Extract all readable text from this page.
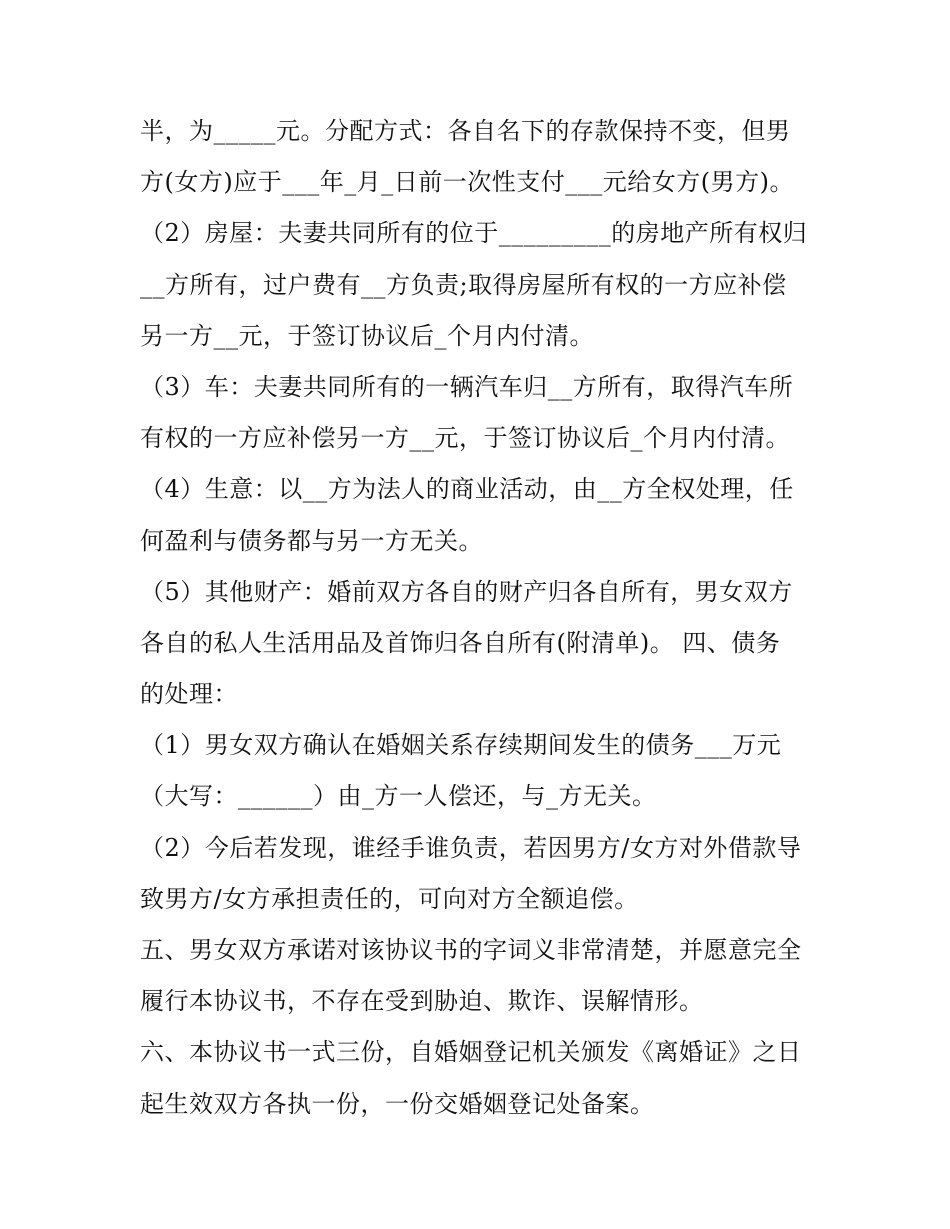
半，为_____元。分配方式：各自名下的存款保持不变，但男
方(女方)应于___年_月_日前一次性支付___元给女方(男方)。
（2）房屋：夫妻共同所有的位于_________的房地产所有权归
__方所有，过户费有__方负责;取得房屋所有权的一方应补偿
另一方__元，于签订协议后_个月内付清。
（3）车：夫妻共同所有的一辆汽车归__方所有，取得汽车所
有权的一方应补偿另一方__元，于签订协议后_个月内付清。
（4）生意：以__方为法人的商业活动，由__方全权处理，任
何盈利与债务都与另一方无关。
（5）其他财产：婚前双方各自的财产归各自所有，男女双方
各自的私人生活用品及首饰归各自所有(附清单)。 四、债务
的处理：
（1）男女双方确认在婚姻关系存续期间发生的债务___万元
（大写：______）由_方一人偿还，与_方无关。
（2）今后若发现，谁经手谁负责，若因男方/女方对外借款导
致男方/女方承担责任的，可向对方全额追偿。
五、男女双方承诺对该协议书的字词义非常清楚，并愿意完全
履行本协议书，不存在受到胁迫、欺诈、误解情形。
六、本协议书一式三份，自婚姻登记机关颁发《离婚证》之日
起生效双方各执一份，一份交婚姻登记处备案。
